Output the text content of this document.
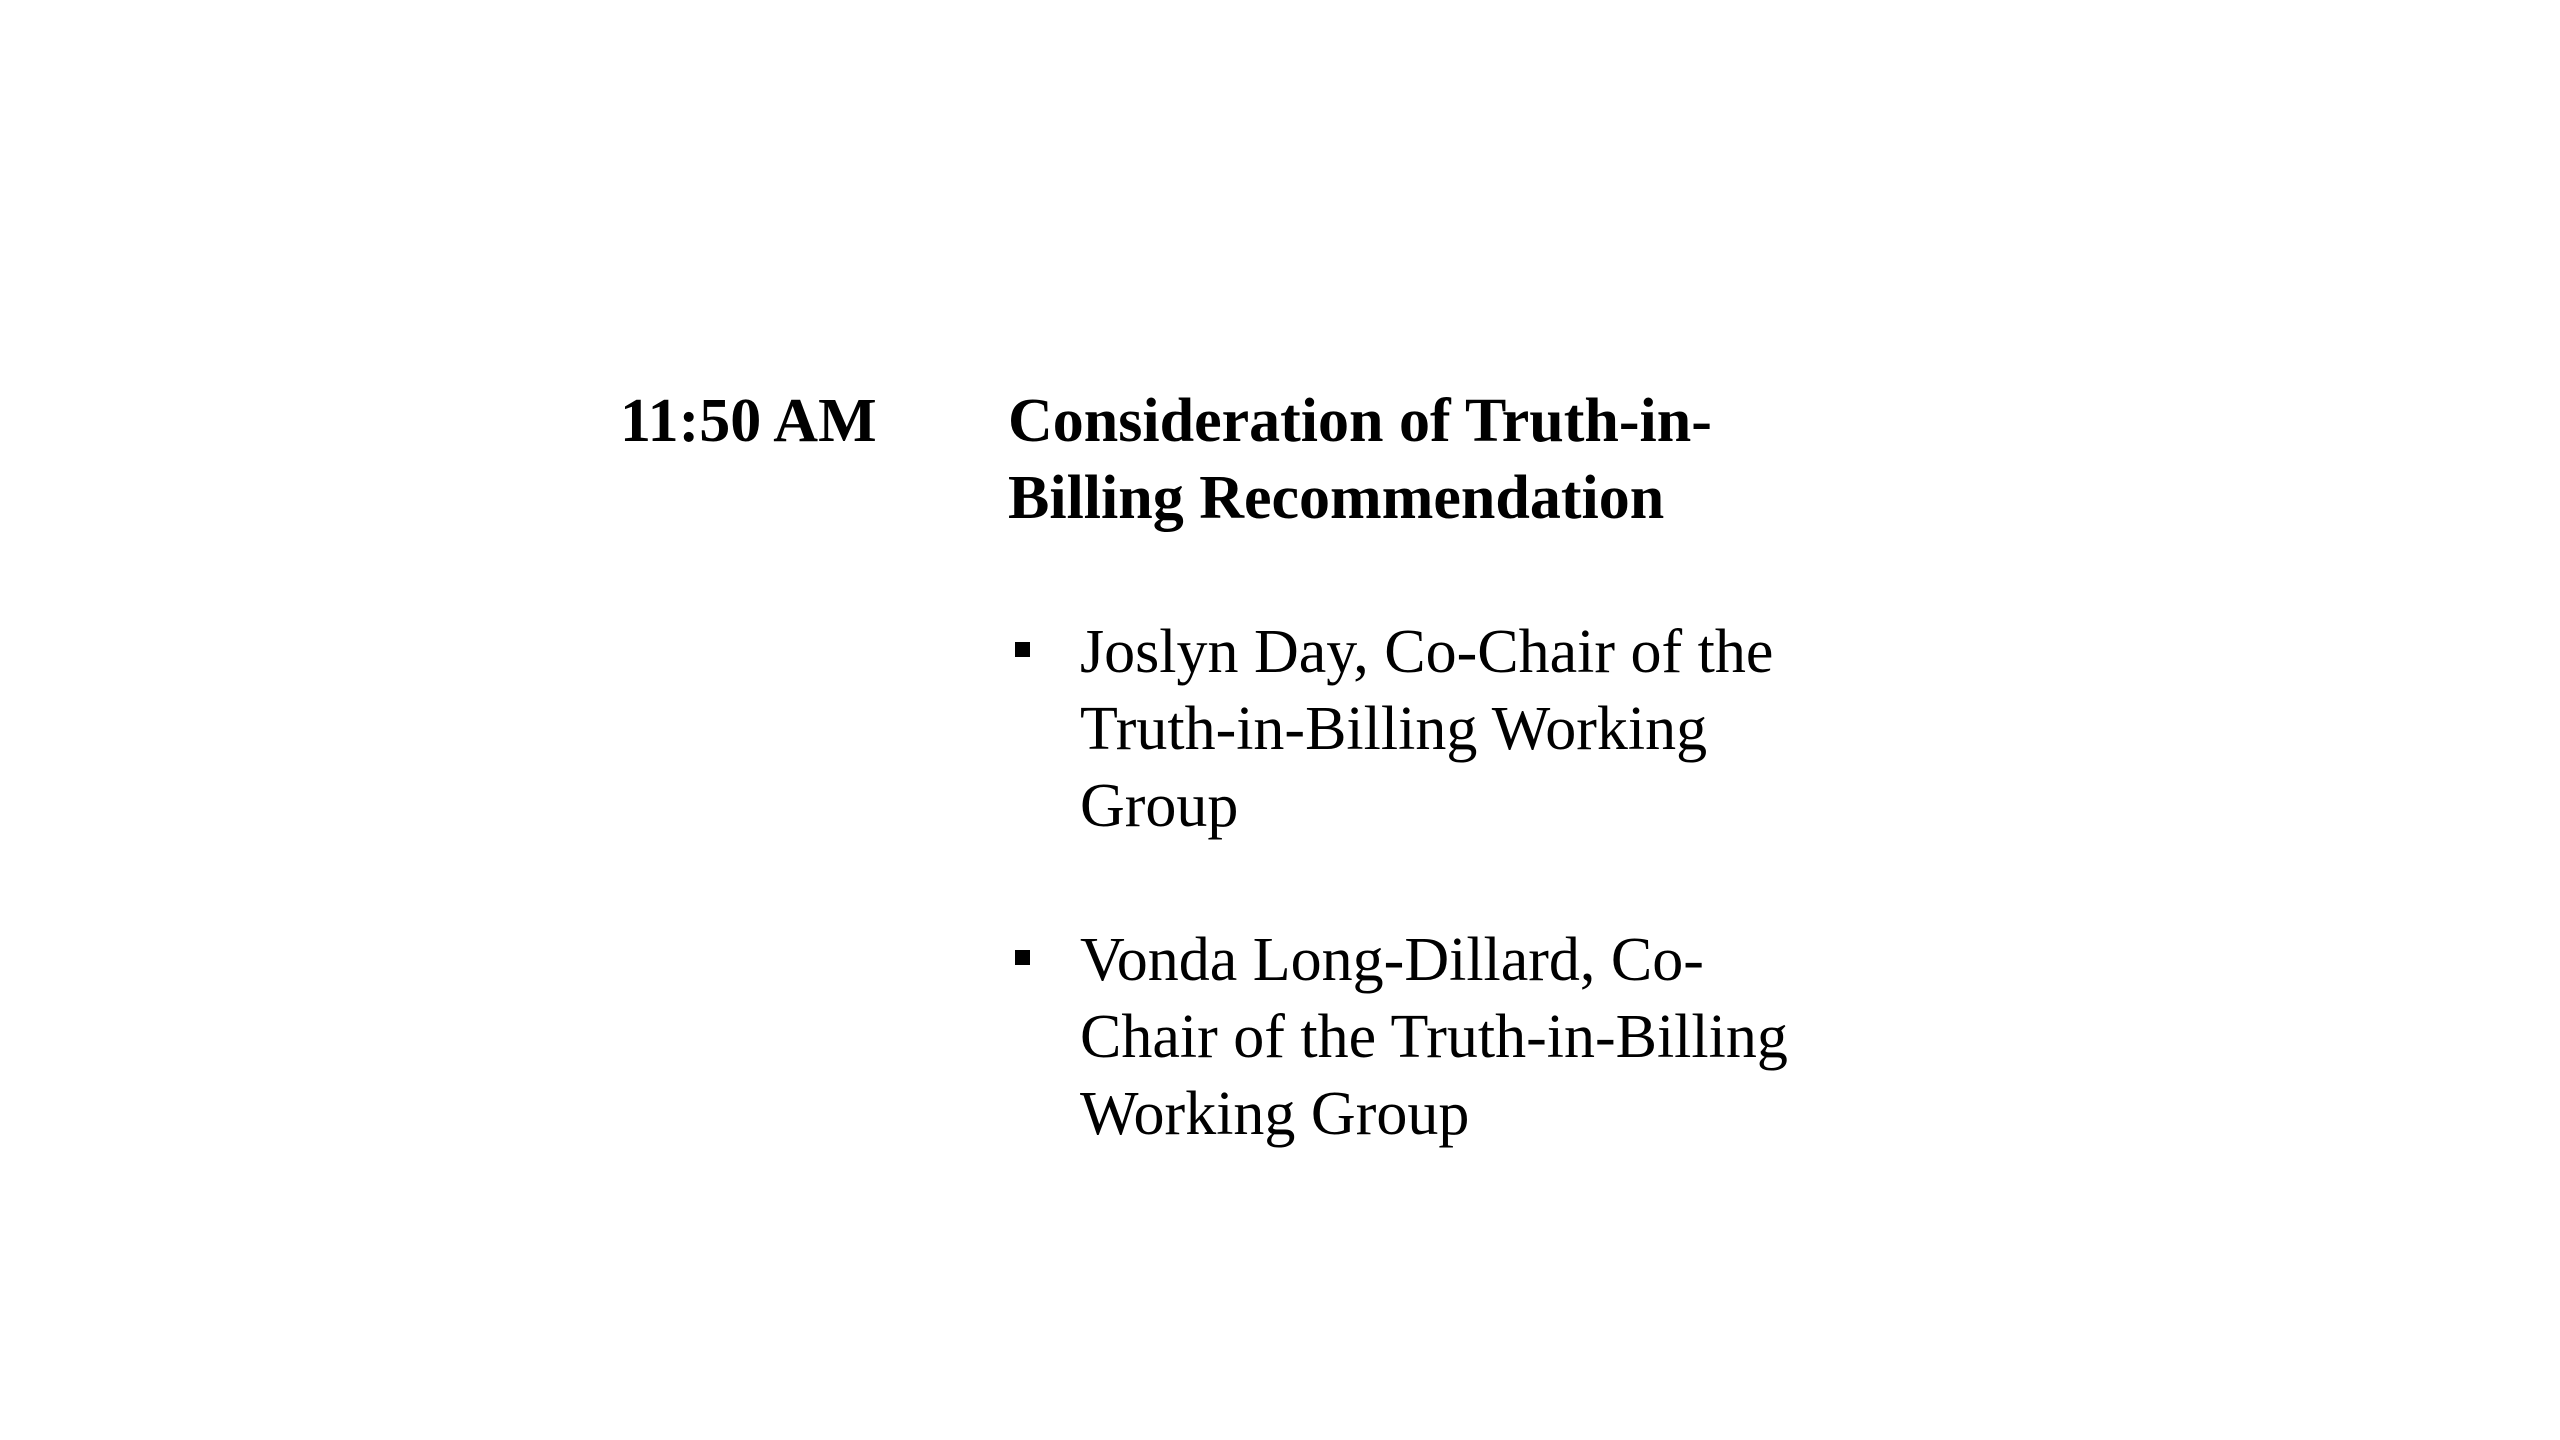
11:50 AM Consideration of Truth-in-Billing Recommendation
Joslyn Day, Co-Chair of the
Truth-in-Billing Working
Group
Vonda Long-Dillard, Co-
Chair of the Truth-in-Billing
Working Group
